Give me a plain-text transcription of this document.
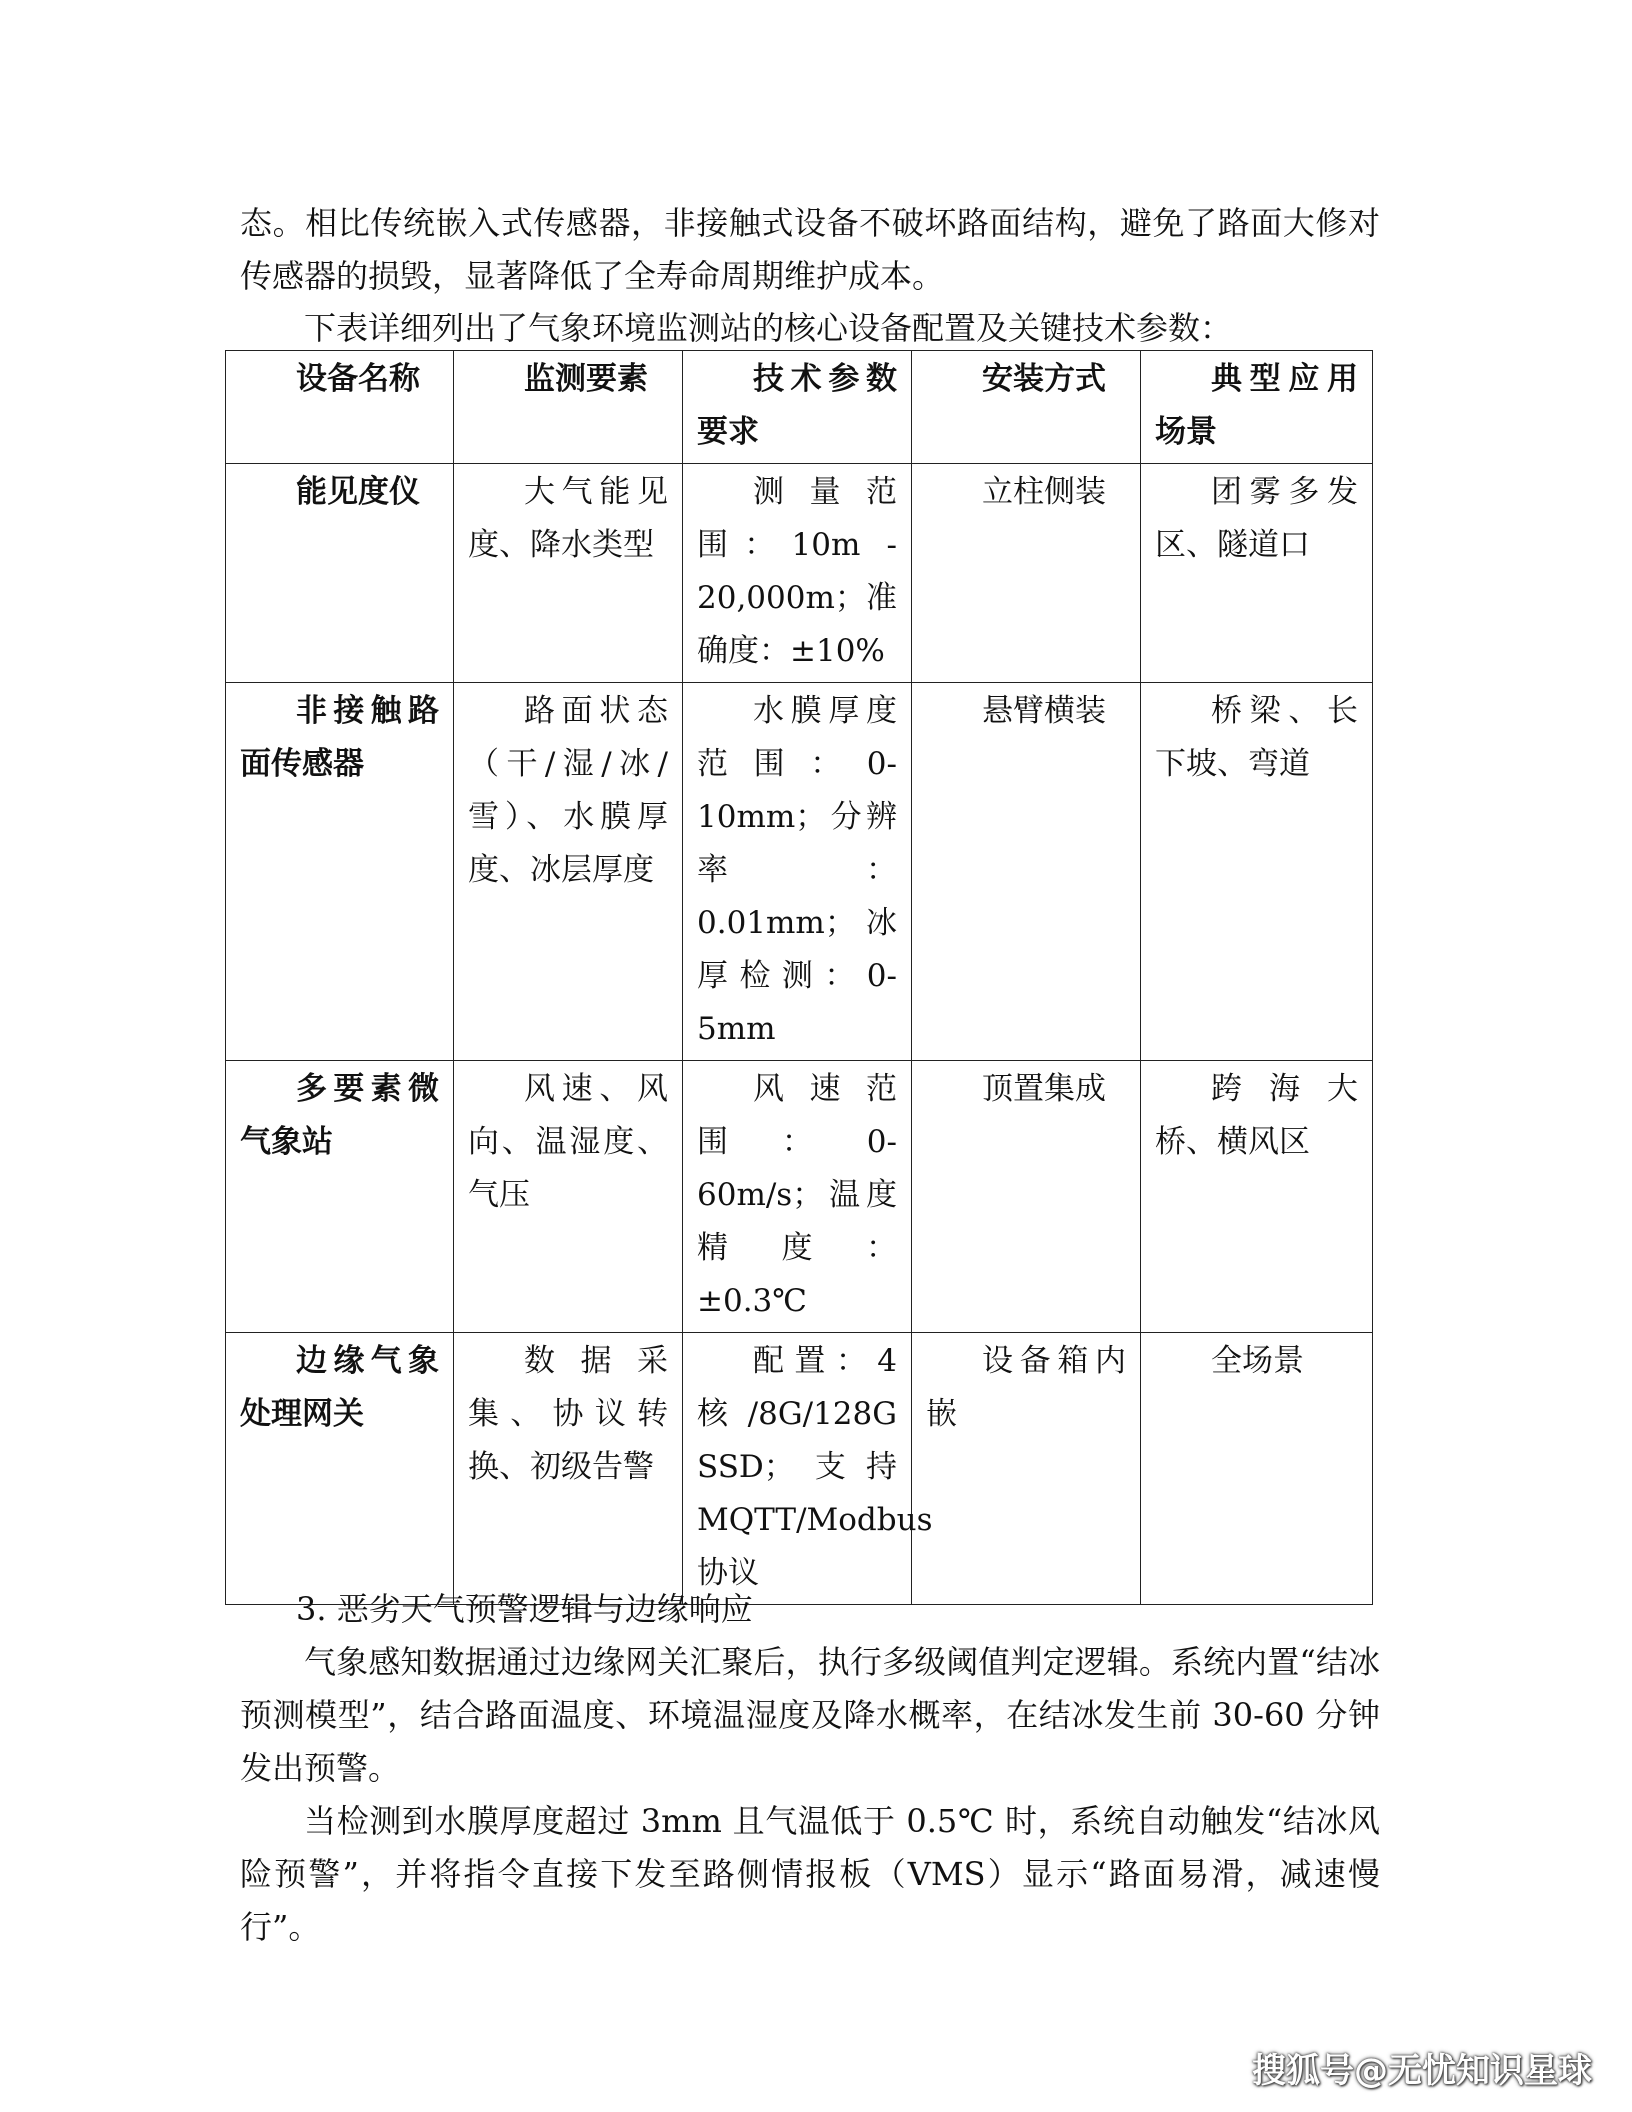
态。相比传统嵌入式传感器，非接触式设备不破坏路面结构，避免了路面大修对传感器的损毁，显著降低了全寿命周期维护成本。

下表详细列出了气象环境监测站的核心设备配置及关键技术参数：

设备名称	监测要素	技术参数要求	安装方式	典型应用场景
能见度仪	大气能见度、降水类型	测量范围：10m - 20,000m；准确度：±10%	立柱侧装	团雾多发区、隧道口
非接触路面传感器	路面状态（干/湿/冰/雪）、水膜厚度、冰层厚度	水膜厚度范围：0-10mm；分辨率：0.01mm；冰厚检测：0-5mm	悬臂横装	桥梁、长下坡、弯道
多要素微气象站	风速、风向、温湿度、气压	风速范围：0-60m/s；温度精度：±0.3℃	顶置集成	跨海大桥、横风区
边缘气象处理网关	数据采集、协议转换、初级告警	配置：4核/8G/128G SSD；支持MQTT/Modbus协议	设备箱内嵌	全场景

3. 恶劣天气预警逻辑与边缘响应

气象感知数据通过边缘网关汇聚后，执行多级阈值判定逻辑。系统内置“结冰预测模型”，结合路面温度、环境温湿度及降水概率，在结冰发生前 30-60 分钟发出预警。

当检测到水膜厚度超过 3mm 且气温低于 0.5℃ 时，系统自动触发“结冰风险预警”，并将指令直接下发至路侧情报板（VMS）显示“路面易滑，减速慢行”。

搜狐号@无忧知识星球
